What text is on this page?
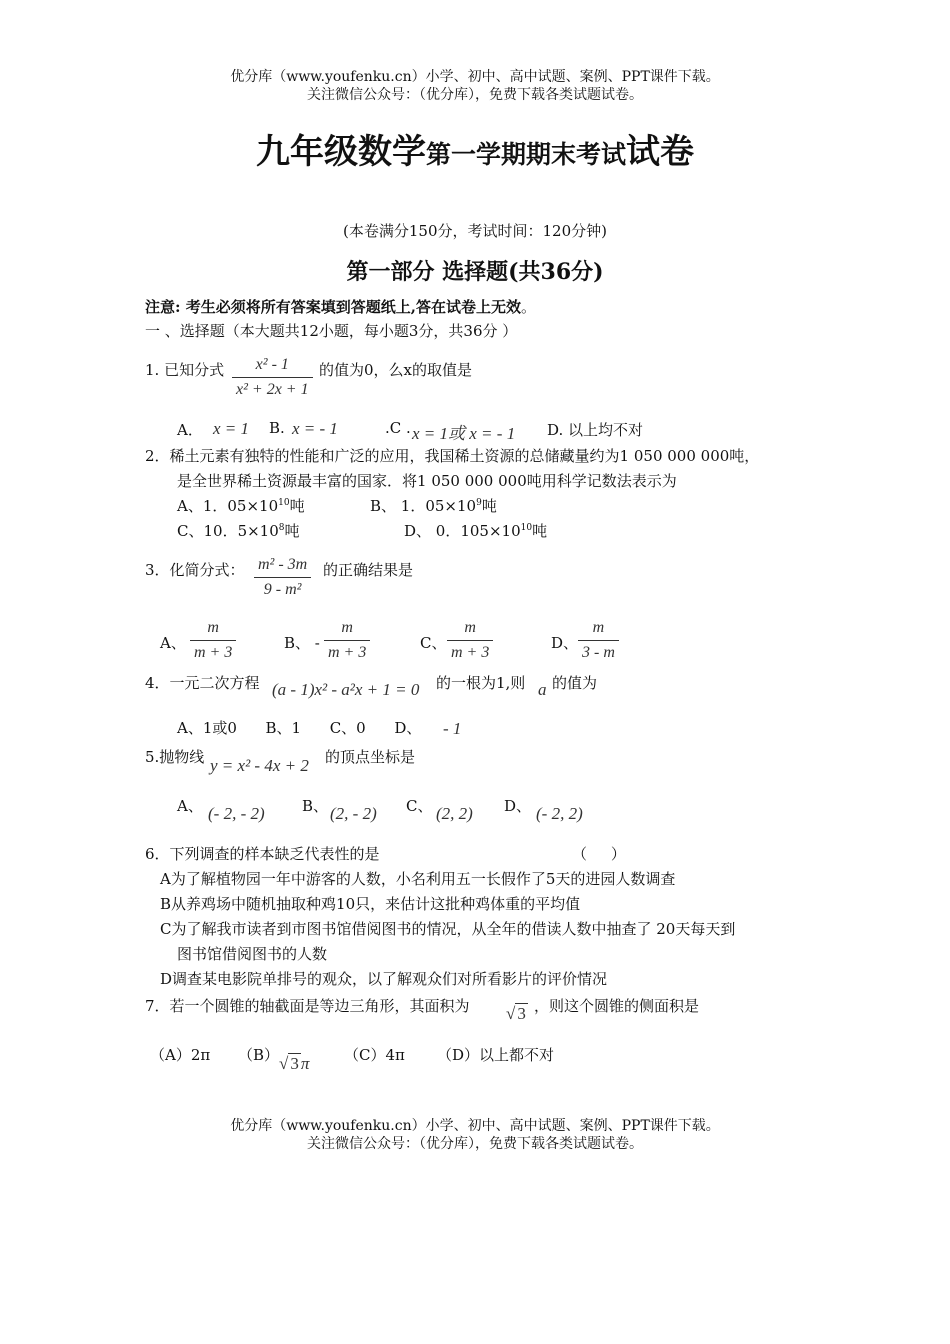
优分库（www.youfenku.cn）小学、初中、高中试题、案例、PPT课件下载。
关注微信公众号：（优分库），免费下载各类试题试卷。
九年级数学第一学期期末考试试卷
(本卷满分150分，考试时间：120分钟)
第一部分 选择题(共36分)
注意: 考生必须将所有答案填到答题纸上,答在试卷上无效。
一 、选择题（本大题共12小题，每小题3分，共36分 ）
1. 已知分式 $\frac{\text{x² - 1}}{\text{x² + 2x + 1}}$ 的值为0，么x的取值是
A． x = 1 B. x = - 1	.C . x = 1或 x = - 1 D. 以上均不对
2．稀土元素有独特的性能和广泛的应用，我国稀土资源的总储藏量约为1 050 000 000吨，
是全世界稀土资源最丰富的国家．将1 050 000 000吨用科学记数法表示为
A、1．$05\times 10^{10}$吨	B、 1．$05\times 10^9$吨
C、10．$5\times 10^8$吨	D、 0．$105\times 10^{10}$吨
3．化简分式： $\frac{\text{m² - 3m}}{\text{9 - m²}}$ 的正确结果是
A、 $\frac{m}{m + 3}$	B、 - $\frac{m}{m + 3}$	C、 $\frac{m}{m + 3}$	D、 $\frac{m}{3 - m}$
4．一元二次方程 (a - 1)x² - a²x + 1 = 0 的一根为1,则 a 的值为
A、1或0      B、1      C、0      D、 - 1
5.抛物线 y = x² - 4x + 2 的顶点坐标是
A、 (- 2, - 2) B、 (2, - 2) C、 (2, 2) D、 (- 2, 2)
6．下列调查的样本缺乏代表性的是	（     ）
A为了解植物园一年中游客的人数，小名利用五一长假作了5天的进园人数调查
B从养鸡场中随机抽取种鸡10只，来估计这批种鸡体重的平均值
C为了解我市读者到市图书馆借阅图书的情况，从全年的借读人数中抽查了 20天每天到
图书馆借阅图书的人数
D调查某电影院单排号的观众，以了解观众们对所看影片的评价情况
7．若一个圆锥的轴截面是等边三角形，其面积为 √ 3 ，则这个圆锥的侧面积是
（A）2π （B） √ 3 π （C）4π （D）以上都不对
优分库（www.youfenku.cn）小学、初中、高中试题、案例、PPT课件下载。
关注微信公众号：（优分库），免费下载各类试题试卷。
